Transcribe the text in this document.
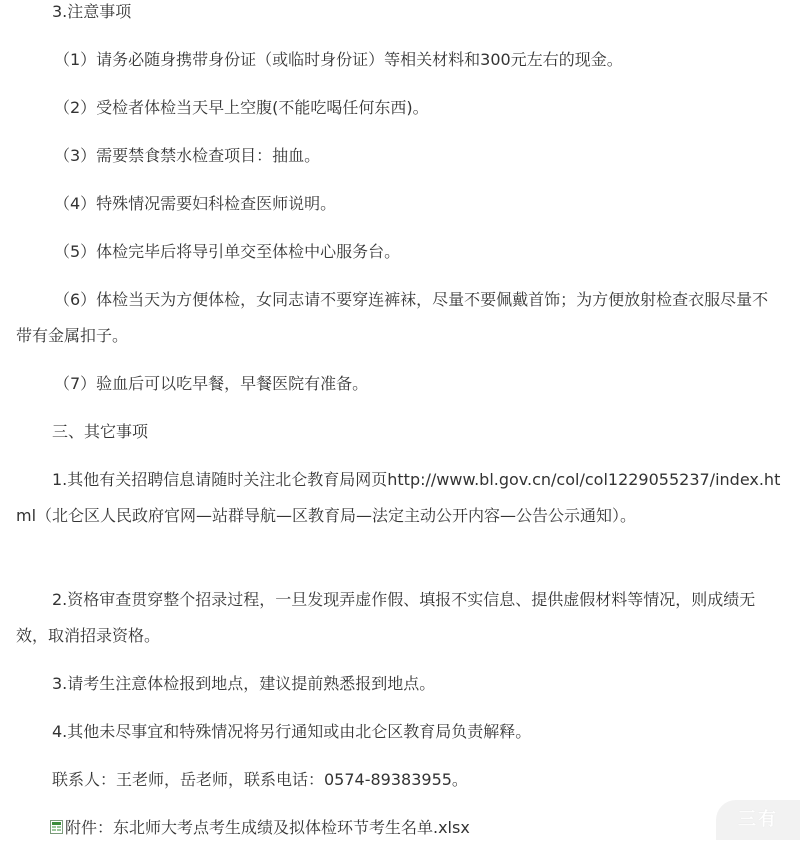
3.注意事项

（1）请务必随身携带身份证（或临时身份证）等相关材料和300元左右的现金。

（2）受检者体检当天早上空腹(不能吃喝任何东西)。

（3）需要禁食禁水检查项目：抽血。

（4）特殊情况需要妇科检查医师说明。

（5）体检完毕后将导引单交至体检中心服务台。

（6）体检当天为方便体检，女同志请不要穿连裤袜，尽量不要佩戴首饰；为方便放射检查衣服尽量不带有金属扣子。

（7）验血后可以吃早餐，早餐医院有准备。

三、其它事项

1.其他有关招聘信息请随时关注北仑教育局网页http://www.bl.gov.cn/col/col1229055237/index.html（北仑区人民政府官网—站群导航—区教育局—法定主动公开内容—公告公示通知）。

2.资格审查贯穿整个招录过程，一旦发现弄虚作假、填报不实信息、提供虚假材料等情况，则成绩无效，取消招录资格。

3.请考生注意体检报到地点，建议提前熟悉报到地点。

4.其他未尽事宜和特殊情况将另行通知或由北仑区教育局负责解释。

联系人：王老师，岳老师，联系电话：0574-89383955。

附件：东北师大考点考生成绩及拟体检环节考生名单.xlsx	三有
